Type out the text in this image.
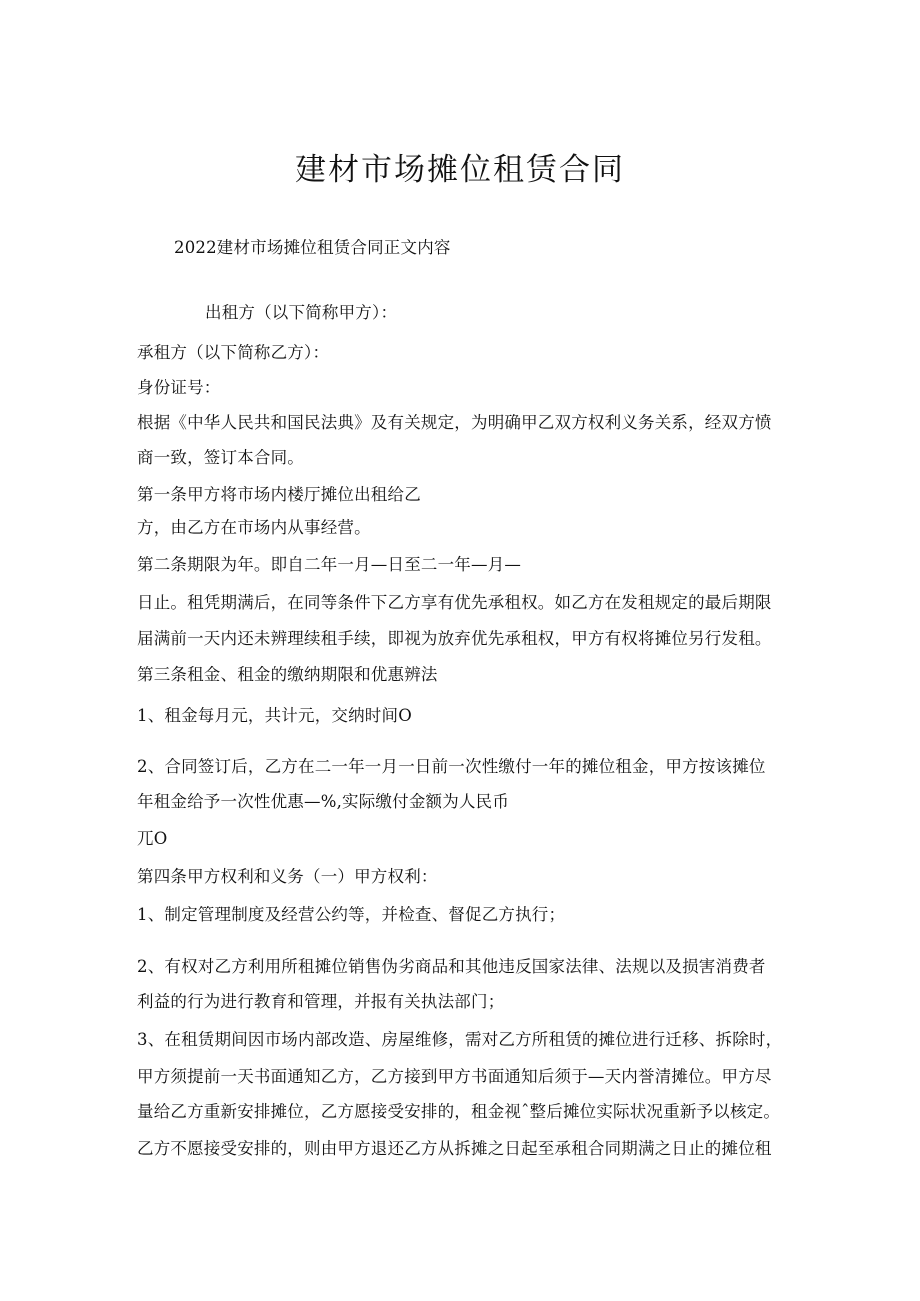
建材市场摊位租赁合同
2022建材市场摊位租赁合同正文内容
出租方（以下简称甲方）：
承租方（以下简称乙方）：
身份证号：
根据《中华人民共和国民法典》及有关规定，为明确甲乙双方权利义务关系，经双方愤
商一致，签订本合同。
第一条甲方将市场内楼厅摊位出租给乙
方，由乙方在市场内从事经营。
第二条期限为年。即自二年一月—日至二一年—月—
日止。租凭期满后，在同等条件下乙方享有优先承租权。如乙方在发租规定的最后期限
届满前一天内还未辨理续租手续，即视为放弃优先承租权，甲方有权将摊位另行发租。
第三条租金、租金的缴纳期限和优惠辨法
1、租金每月元，共计元，交纳时间O
2、合同签订后，乙方在二一年一月一日前一次性缴付一年的摊位租金，甲方按该摊位
年租金给予一次性优惠—%,实际缴付金额为人民币
兀O
第四条甲方权利和义务（一）甲方权利：
1、制定管理制度及经营公约等，并检查、督促乙方执行；
2、有权对乙方利用所租摊位销售伪劣商品和其他违反国家法律、法规以及损害消费者
利益的行为进行教育和管理，并报有关执法部门；
3、在租赁期间因市场内部改造、房屋维修，需对乙方所租赁的摊位进行迁移、拆除时，
甲方须提前一天书面通知乙方，乙方接到甲方书面通知后须于—天内誉清摊位。甲方尽
量给乙方重新安排摊位，乙方愿接受安排的，租金视ˆ整后摊位实际状况重新予以核定。
乙方不愿接受安排的，则由甲方退还乙方从拆摊之日起至承租合同期满之日止的摊位租
